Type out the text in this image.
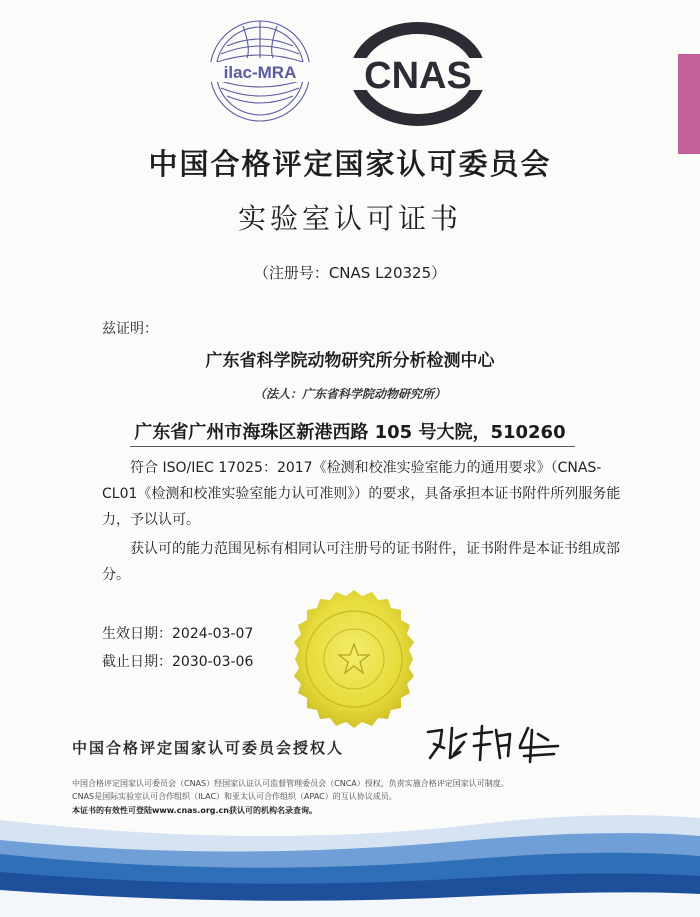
ilac-MRA CNAS
中国合格评定国家认可委员会
实验室认可证书
（注册号：CNAS L20325）
兹证明：
广东省科学院动物研究所分析检测中心
（法人：广东省科学院动物研究所）
广东省广州市海珠区新港西路 105 号大院，510260
符合 ISO/IEC 17025：2017《检测和校准实验室能力的通用要求》（CNAS-CL01《检测和校准实验室能力认可准则》）的要求，具备承担本证书附件所列服务能力，予以认可。
获认可的能力范围见标有相同认可注册号的证书附件，证书附件是本证书组成部分。
生效日期：2024-03-07
截止日期：2030-03-06
中国合格评定国家认可委员会授权人
中国合格评定国家认可委员会（CNAS）经国家认证认可监督管理委员会（CNCA）授权，负责实施合格评定国家认可制度。
CNAS是国际实验室认可合作组织（ILAC）和亚太认可合作组织（APAC）的互认协议成员。
本证书的有效性可登陆www.cnas.org.cn获认可的机构名录查询。
